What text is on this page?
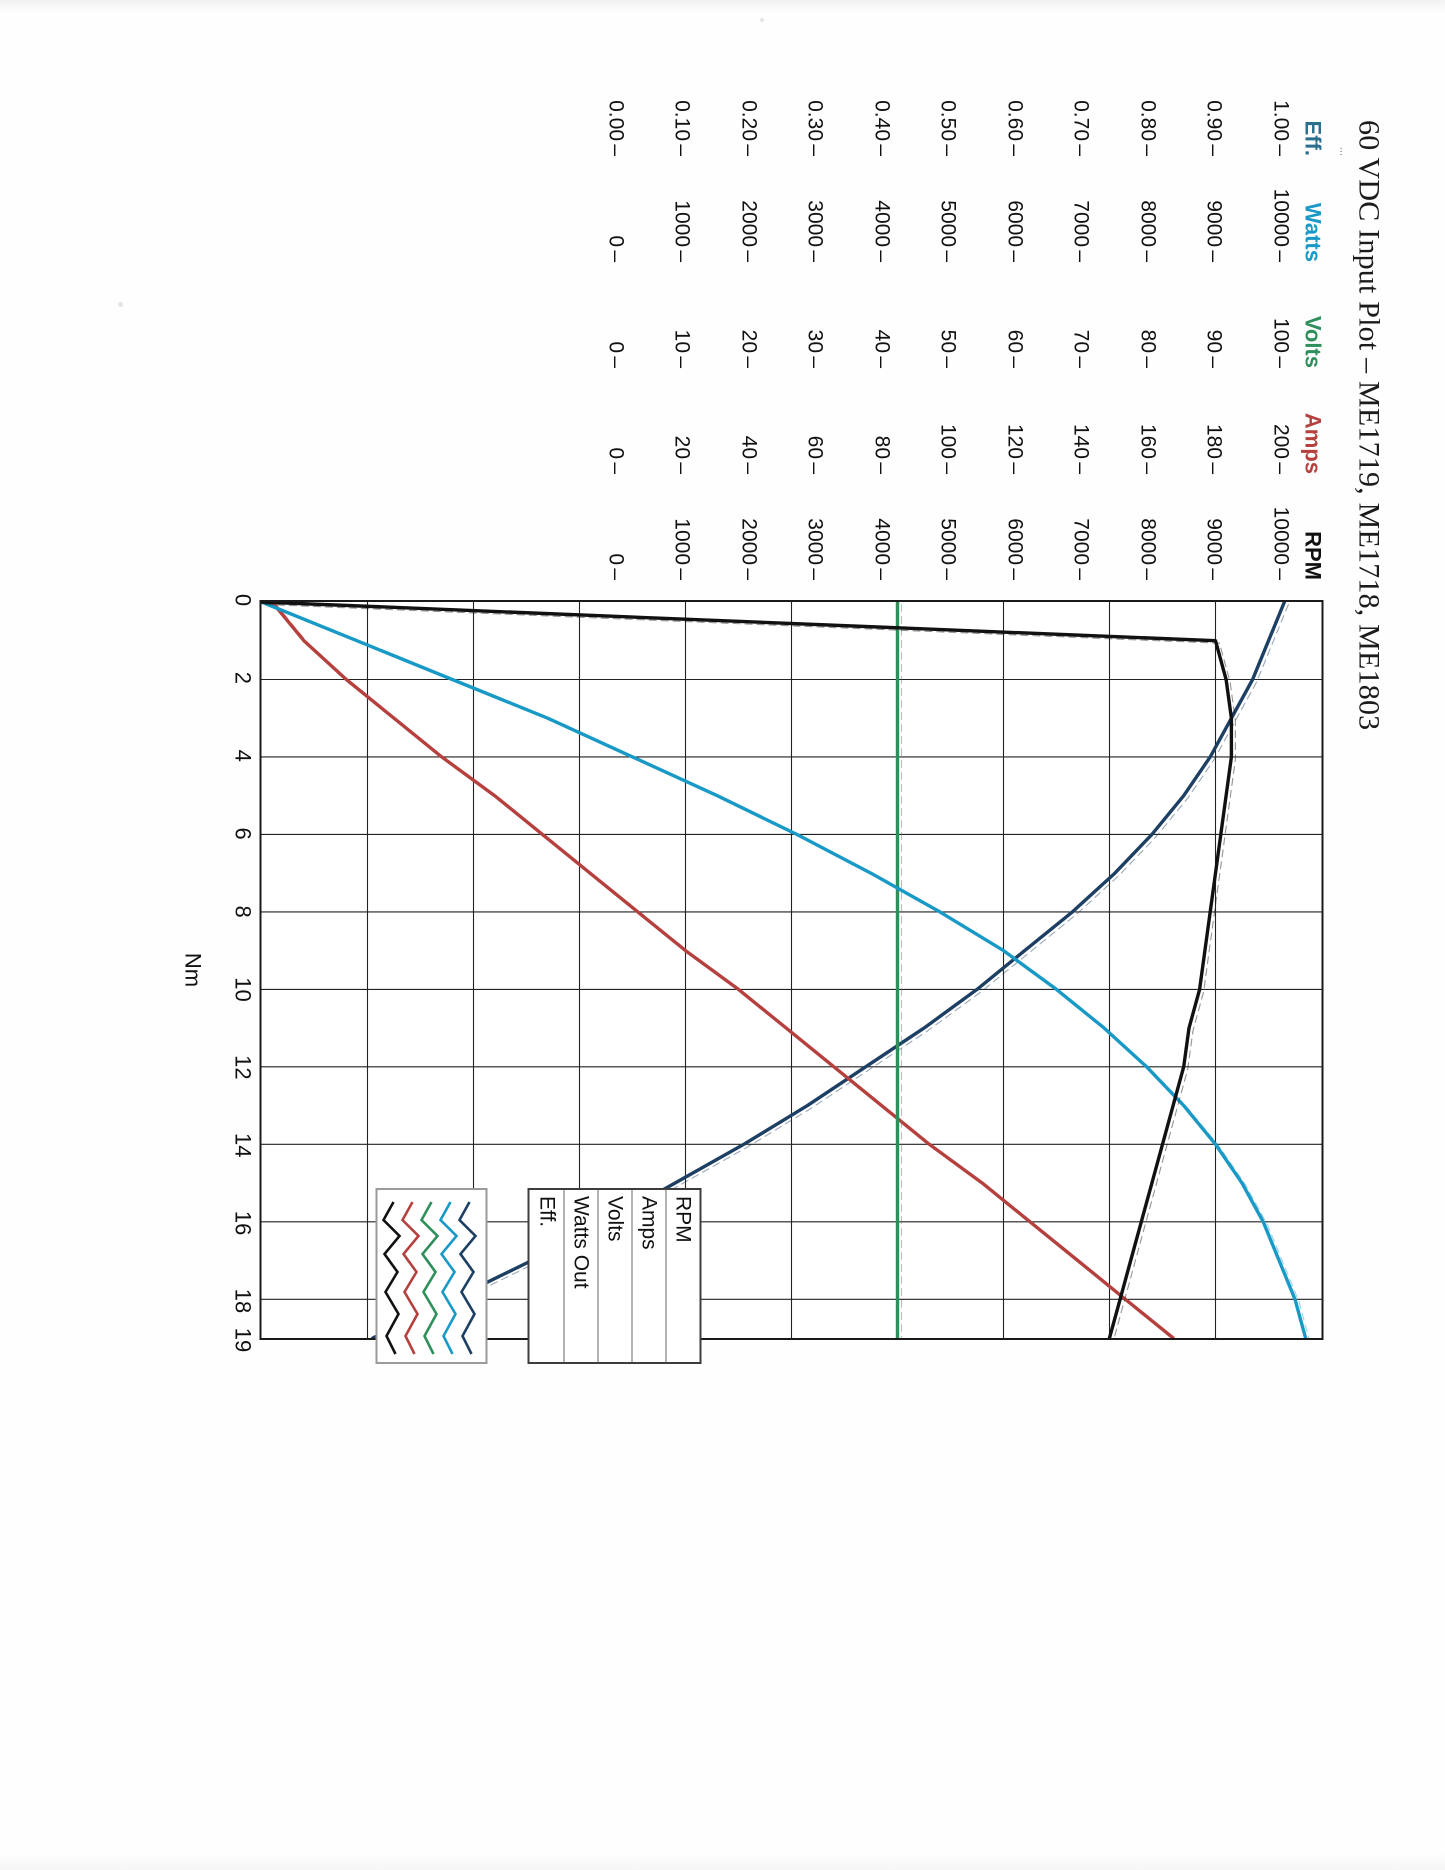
60 VDC Input Plot – ME1719, ME1718, ME1803
...
Eff.
1.00–
0.90–
0.80–
0.70–
0.60–
0.50–
0.40–
0.30–
0.20–
0.10–
0.00–
Watts
10000–
9000–
8000–
7000–
6000–
5000–
4000–
3000–
2000–
1000–
0–
Volts
100–
90–
80–
70–
60–
50–
40–
30–
20–
10–
0–
Amps
200–
180–
160–
140–
120–
100–
80–
60–
40–
20–
0–
RPM
10000–
9000–
8000–
7000–
6000–
5000–
4000–
3000–
2000–
1000–
0–
0
2
4
6
8
10
12
14
16
18
19
Nm
RPM
Amps
Volts
Watts Out
Eff.
